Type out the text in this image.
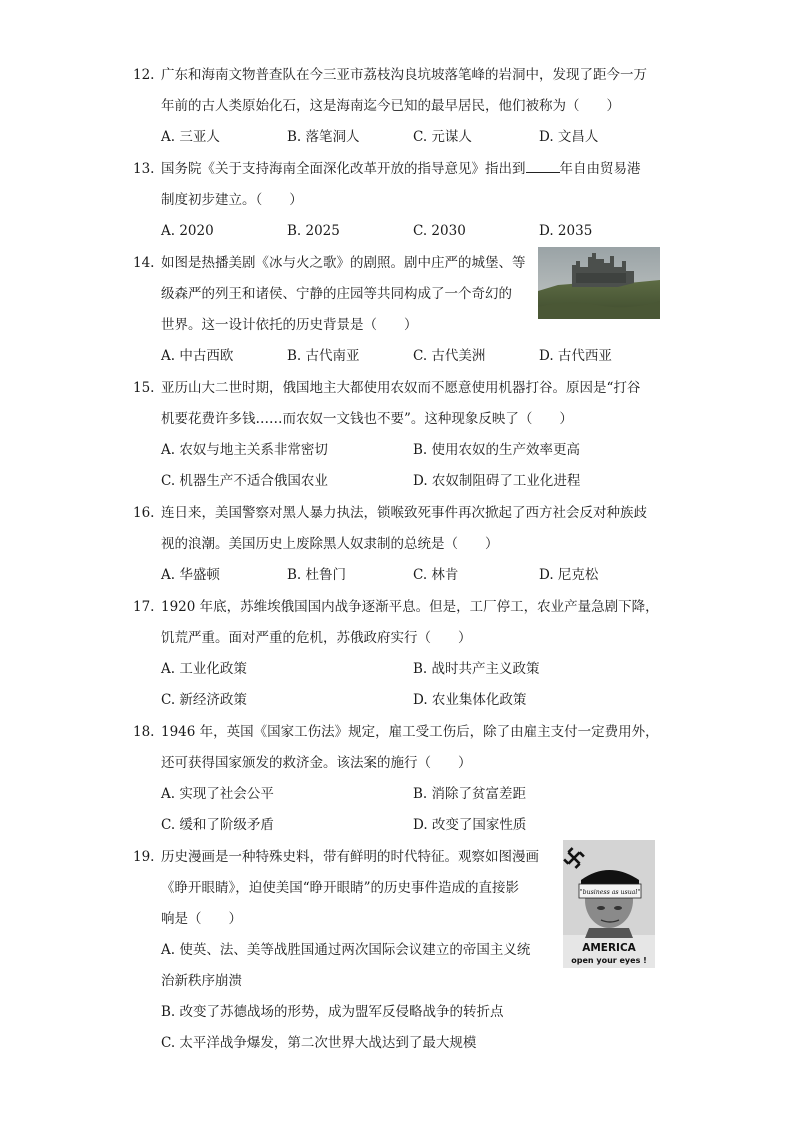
12. 广东和海南文物普查队在今三亚市荔枝沟良坑坡落笔峰的岩洞中，发现了距今一万
年前的古人类原始化石，这是海南迄今已知的最早居民，他们被称为（　　）
A. 三亚人	B. 落笔洞人	C. 元谋人	D. 文昌人
13. 国务院《关于支持海南全面深化改革开放的指导意见》指出到	年自由贸易港
制度初步建立。（　　）
A. 2020	B. 2025	C. 2030	D. 2035
14. 如图是热播美剧《冰与火之歌》的剧照。剧中庄严的城堡、等
级森严的列王和诸侯、宁静的庄园等共同构成了一个奇幻的
世界。这一设计依托的历史背景是（　　）
A. 中古西欧	B. 古代南亚	C. 古代美洲	D. 古代西亚
15. 亚历山大二世时期，俄国地主大都使用农奴而不愿意使用机器打谷。原因是“打谷
机要花费许多钱……而农奴一文钱也不要”。这种现象反映了（　　）
A. 农奴与地主关系非常密切	B. 使用农奴的生产效率更高
C. 机器生产不适合俄国农业	D. 农奴制阻碍了工业化进程
16. 连日来，美国警察对黑人暴力执法，锁喉致死事件再次掀起了西方社会反对种族歧
视的浪潮。美国历史上废除黑人奴隶制的总统是（　　）
A. 华盛顿	B. 杜鲁门	C. 林肯	D. 尼克松
17. 1920 年底，苏维埃俄国国内战争逐渐平息。但是，工厂停工，农业产量急剧下降，
饥荒严重。面对严重的危机，苏俄政府实行（　　）
A. 工业化政策	B. 战时共产主义政策
C. 新经济政策	D. 农业集体化政策
18. 1946 年，英国《国家工伤法》规定，雇工受工伤后，除了由雇主支付一定费用外，
还可获得国家颁发的救济金。该法案的施行（　　）
A. 实现了社会公平	B. 消除了贫富差距
C. 缓和了阶级矛盾	D. 改变了国家性质
19. 历史漫画是一种特殊史料，带有鲜明的时代特征。观察如图漫画
《睁开眼睛》，迫使美国“睁开眼睛”的历史事件造成的直接影
响是（　　）
A. 使英、法、美等战胜国通过两次国际会议建立的帝国主义统
治新秩序崩溃
B. 改变了苏德战场的形势，成为盟军反侵略战争的转折点
C. 太平洋战争爆发，第二次世界大战达到了最大规模
"business as usual"
AMERICA
open your eyes !
